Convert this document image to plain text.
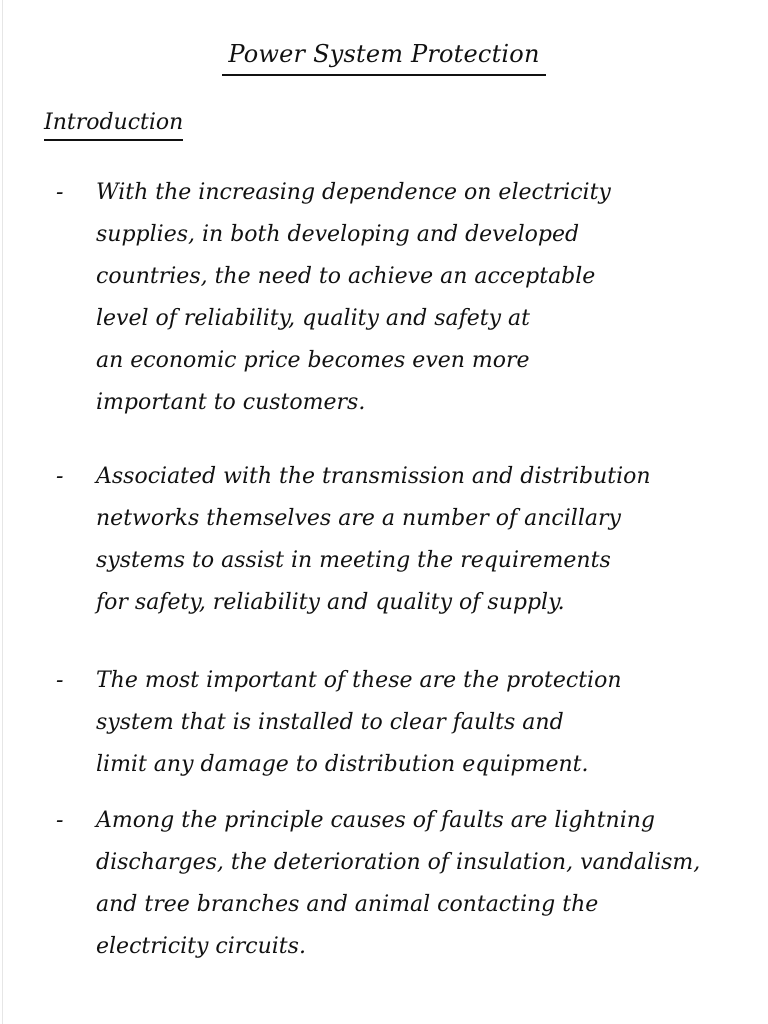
Power System Protection
Introduction
-	With the increasing dependence on electricity
supplies, in both developing and developed
countries, the need to achieve an acceptable
level of reliability, quality and safety at
an economic price becomes even more
important to customers.
-	Associated with the transmission and distribution
networks themselves are a number of ancillary
systems to assist in meeting the requirements
for safety, reliability and quality of supply.
-	The most important of these are the protection
system that is installed to clear faults and
limit any damage to distribution equipment.
-	Among the principle causes of faults are lightning
discharges, the deterioration of insulation, vandalism,
and tree branches and animal contacting the
electricity circuits.
